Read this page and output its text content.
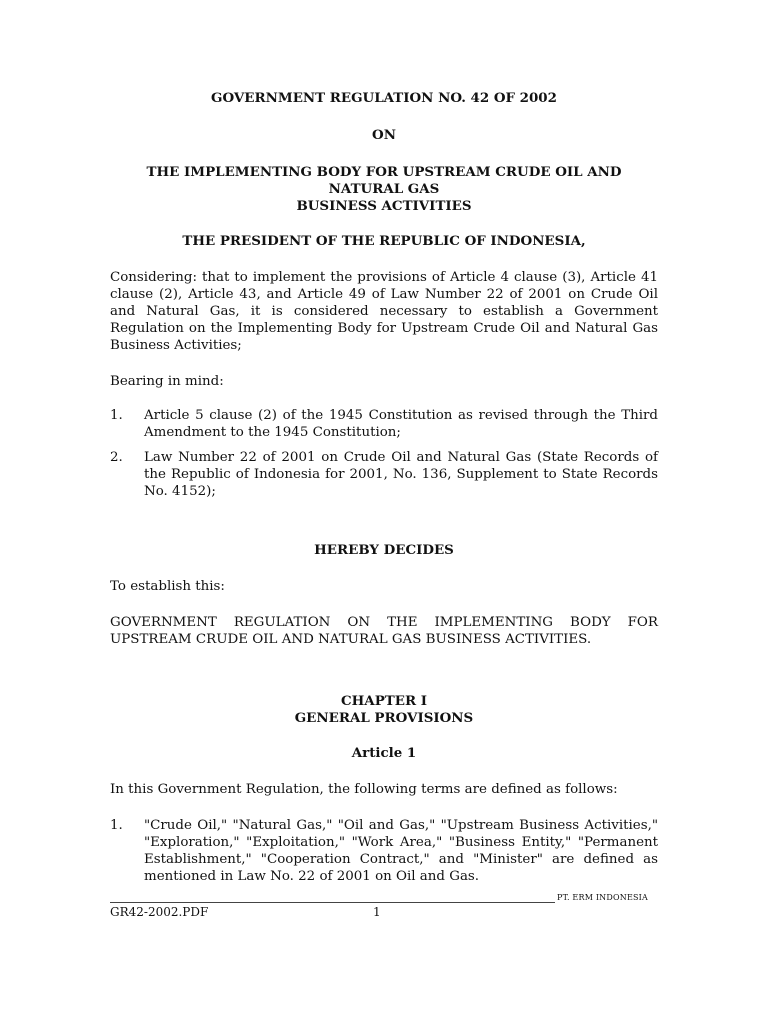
GOVERNMENT REGULATION NO. 42 OF 2002

ON

THE IMPLEMENTING BODY FOR UPSTREAM CRUDE OIL AND NATURAL GAS
BUSINESS ACTIVITIES

THE PRESIDENT OF THE REPUBLIC OF INDONESIA,

Considering: that to implement the provisions of Article 4 clause (3), Article 41 clause (2), Article 43, and Article 49 of Law Number 22 of 2001 on Crude Oil and Natural Gas, it is considered necessary to establish a Government Regulation on the Implementing Body for Upstream Crude Oil and Natural Gas Business Activities;

Bearing in mind:

1. Article 5 clause (2) of the 1945 Constitution as revised through the Third Amendment to the 1945 Constitution;
2. Law Number 22 of 2001 on Crude Oil and Natural Gas (State Records of the Republic of Indonesia for 2001, No. 136, Supplement to State Records No. 4152);

HEREBY DECIDES

To establish this:

GOVERNMENT REGULATION ON THE IMPLEMENTING BODY FOR UPSTREAM CRUDE OIL AND NATURAL GAS BUSINESS ACTIVITIES.

CHAPTER I
GENERAL PROVISIONS

Article 1

In this Government Regulation, the following terms are defined as follows:

1. "Crude Oil," "Natural Gas," "Oil and Gas," "Upstream Business Activities," "Exploration," "Exploitation," "Work Area," "Business Entity," "Permanent Establishment," "Cooperation Contract," and "Minister" are defined as mentioned in Law No. 22 of 2001 on Oil and Gas.
PT. ERM INDONESIA
GR42-2002.PDF	1
